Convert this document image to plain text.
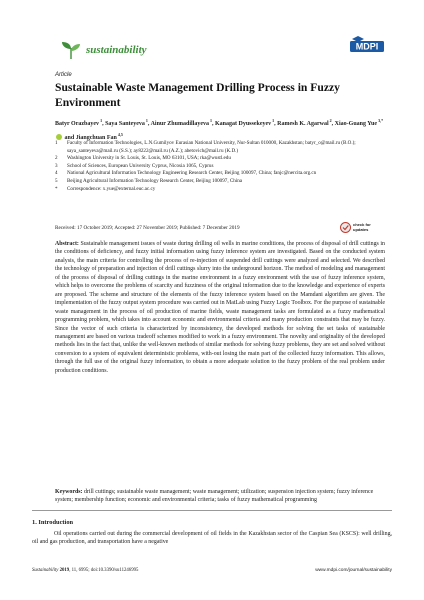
sustainability	MDPI
Article
Sustainable Waste Management Drilling Process in Fuzzy Environment
Batyr Orazbayev $^1$, Saya Santeyeva $^1$, Ainur Zhumadillayeva $^1$, Kanagat Dyussekeyev $^1$, Ramesh K. Agarwal $^2$, Xiao-Guang Yue $^{3,*}$ and Jiangchuan Fan $^{4,5}$
1	Faculty of Information Technologies, L.N.Gumilyov Eurasian National University, Nur-Sultan 010000, Kazakhstan; batyr_o@mail.ru (B.O.); saya_santeyeva@mail.ru (S.S.); ay8222@mail.ru (A.Z.); abetovich@mail.ru (K.D.)
2	Washington University in St. Louis, St. Louis, MO 63101, USA; rka@wustl.edu
3	School of Sciences, European University Cyprus, Nicosia 1065, Cyprus
4	National Agricultural Information Technology Engineering Research Center, Beijing 100097, China; fanjc@nercita.org.cn
5	Beijing Agricultural Information Technology Research Center, Beijing 100097, China
*	Correspondence: x.yue@external.euc.ac.cy
Received: 17 October 2019; Accepted: 27 November 2019; Published: 7 December 2019
check for
updates
Abstract: Sustainable management issues of waste during drilling oil wells in marine conditions, the process of disposal of drill cuttings in the conditions of deficiency, and fuzzy initial information using fuzzy inference system are investigated. Based on the conducted system analysis, the main criteria for controlling the process of re-injection of suspended drill cuttings were analyzed and selected. We described the technology of preparation and injection of drill cuttings slurry into the underground horizon. The method of modeling and management of the process of disposal of drilling cuttings in the marine environment in a fuzzy environment with the use of fuzzy inference system, which helps to overcome the problems of scarcity and fuzziness of the original information due to the knowledge and experience of experts are proposed. The scheme and structure of the elements of the fuzzy inference system based on the Mamdani algorithm are given. The implementation of the fuzzy output system procedure was carried out in MatLab using Fuzzy Logic Toolbox. For the purpose of sustainable waste management in the process of oil production of marine fields, waste management tasks are formulated as a fuzzy mathematical programming problem, which takes into account economic and environmental criteria and many production constraints that may be fuzzy. Since the vector of such criteria is characterized by inconsistency, the developed methods for solving the set tasks of sustainable management are based on various tradeoff schemes modified to work in a fuzzy environment. The novelty and originality of the developed methods lies in the fact that, unlike the well-known methods of similar methods for solving fuzzy problems, they are set and solved without conversion to a system of equivalent deterministic problems, with-out losing the main part of the collected fuzzy information. This allows, through the full use of the original fuzzy information, to obtain a more adequate solution to the fuzzy problem of the real problem under production conditions.
Keywords: drill cuttings; sustainable waste management; waste management; utilization; suspension injection system; fuzzy inference system; membership function; economic and environmental criteria; tasks of fuzzy mathematical programming
1. Introduction
Oil operations carried out during the commercial development of oil fields in the Kazakhstan sector of the Caspian Sea (KSCS): well drilling, oil and gas production, and transportation have a negative
Sustainability 2019, 11, 6995; doi:10.3390/su11246995	www.mdpi.com/journal/sustainability
